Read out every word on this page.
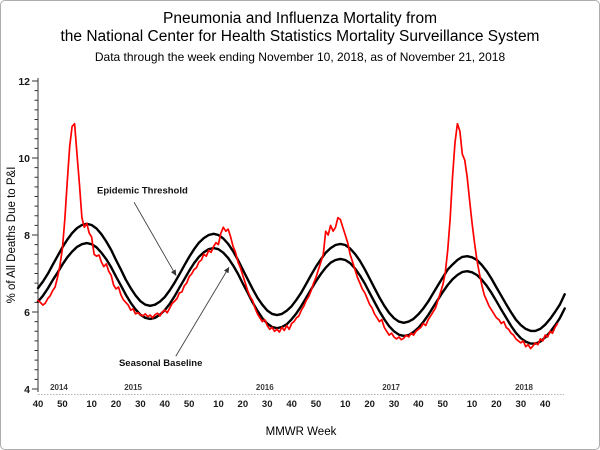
Pneumonia and Influenza Mortality from
the National Center for Health Statistics Mortality Surveillance System
Data through the week ending November 10, 2018, as of November 21, 2018
% of All Deaths Due to P&I
MMWR Week
4
6
8
10
12
40 50 10 20 30 40 50 10 20 30 40 50 10 20 30 40 50 10 20 30 40
2014	2015	2016	2017	2018
Epidemic Threshold
Seasonal Baseline
